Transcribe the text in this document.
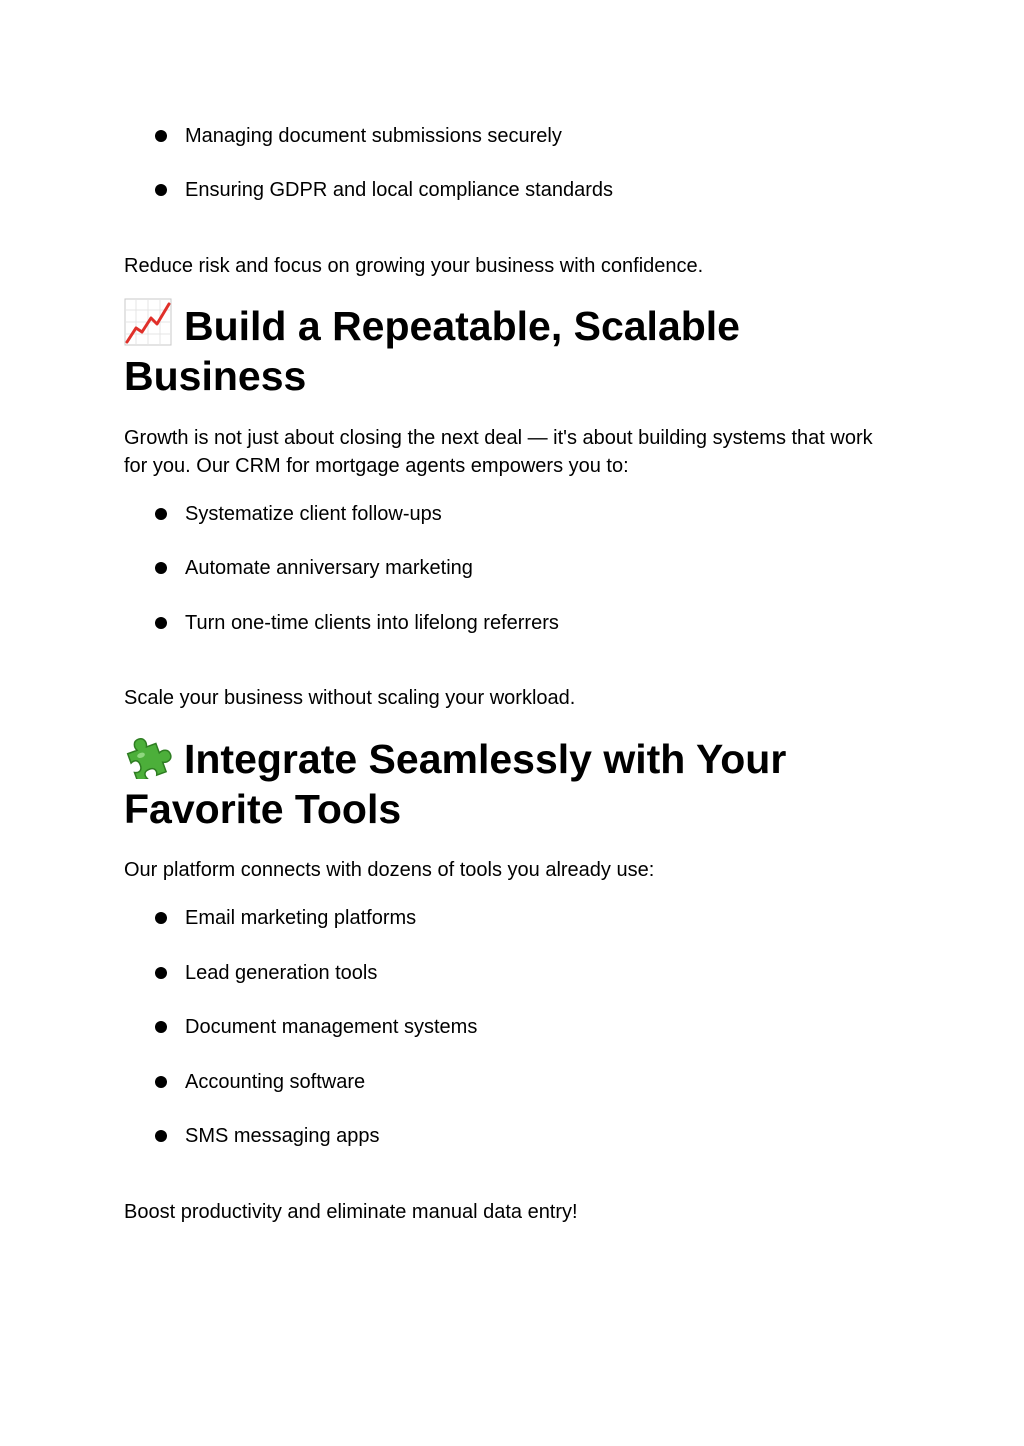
Managing document submissions securely
Ensuring GDPR and local compliance standards
Reduce risk and focus on growing your business with confidence.
Build a Repeatable, Scalable
Business
Growth is not just about closing the next deal — it's about building systems that work
for you. Our CRM for mortgage agents empowers you to:
Systematize client follow-ups
Automate anniversary marketing
Turn one-time clients into lifelong referrers
Scale your business without scaling your workload.
Integrate Seamlessly with Your
Favorite Tools
Our platform connects with dozens of tools you already use:
Email marketing platforms
Lead generation tools
Document management systems
Accounting software
SMS messaging apps
Boost productivity and eliminate manual data entry!
